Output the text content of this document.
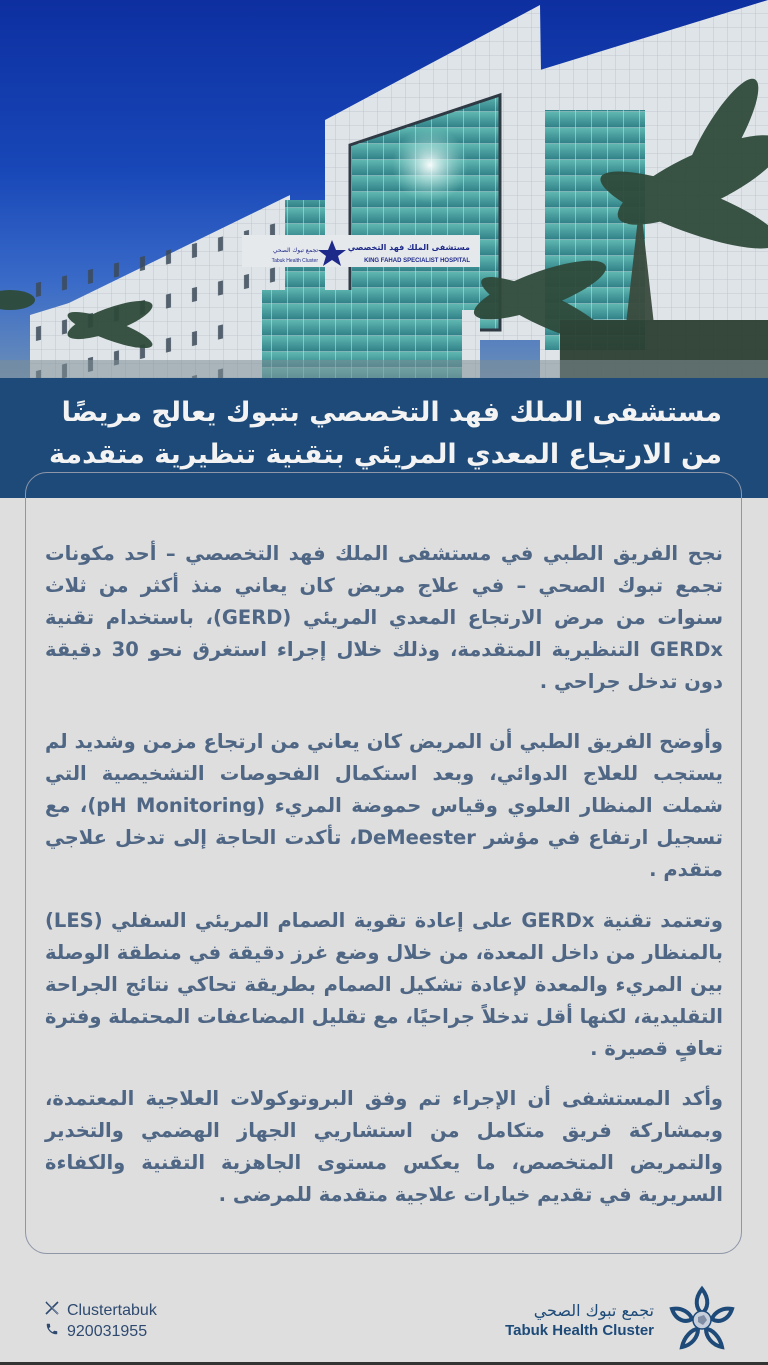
مستشفى الملك فهد التخصصي
KING FAHAD SPECIALIST HOSPITAL
تجمع تبوك الصحي
Tabuk Health Cluster
مستشفى الملك فهد التخصصي بتبوك يعالج مريضًا
من الارتجاع المعدي المريئي بتقنية تنظيرية متقدمة

نجح الفريق الطبي في مستشفى الملك فهد التخصصي – أحد مكونات تجمع تبوك الصحي – في علاج مريض كان يعاني منذ أكثر من ثلاث سنوات من مرض الارتجاع المعدي المريئي (GERD)، باستخدام تقنية GERDx التنظيرية المتقدمة، وذلك خلال إجراء استغرق نحو 30 دقيقة دون تدخل جراحي .

وأوضح الفريق الطبي أن المريض كان يعاني من ارتجاع مزمن وشديد لم يستجب للعلاج الدوائي، وبعد استكمال الفحوصات التشخيصية التي شملت المنظار العلوي وقياس حموضة المريء (pH Monitoring)، مع تسجيل ارتفاع في مؤشر DeMeester، تأكدت الحاجة إلى تدخل علاجي متقدم .

وتعتمد تقنية GERDx على إعادة تقوية الصمام المريئي السفلي (LES) بالمنظار من داخل المعدة، من خلال وضع غرز دقيقة في منطقة الوصلة بين المريء والمعدة لإعادة تشكيل الصمام بطريقة تحاكي نتائج الجراحة التقليدية، لكنها أقل تدخلاً جراحيًا، مع تقليل المضاعفات المحتملة وفترة تعافٍ قصيرة .

وأكد المستشفى أن الإجراء تم وفق البروتوكولات العلاجية المعتمدة، وبمشاركة فريق متكامل من استشاريي الجهاز الهضمي والتخدير والتمريض المتخصص، ما يعكس مستوى الجاهزية التقنية والكفاءة السريرية في تقديم خيارات علاجية متقدمة للمرضى .

Clustertabuk
920031955
تجمع تبوك الصحي
Tabuk Health Cluster
